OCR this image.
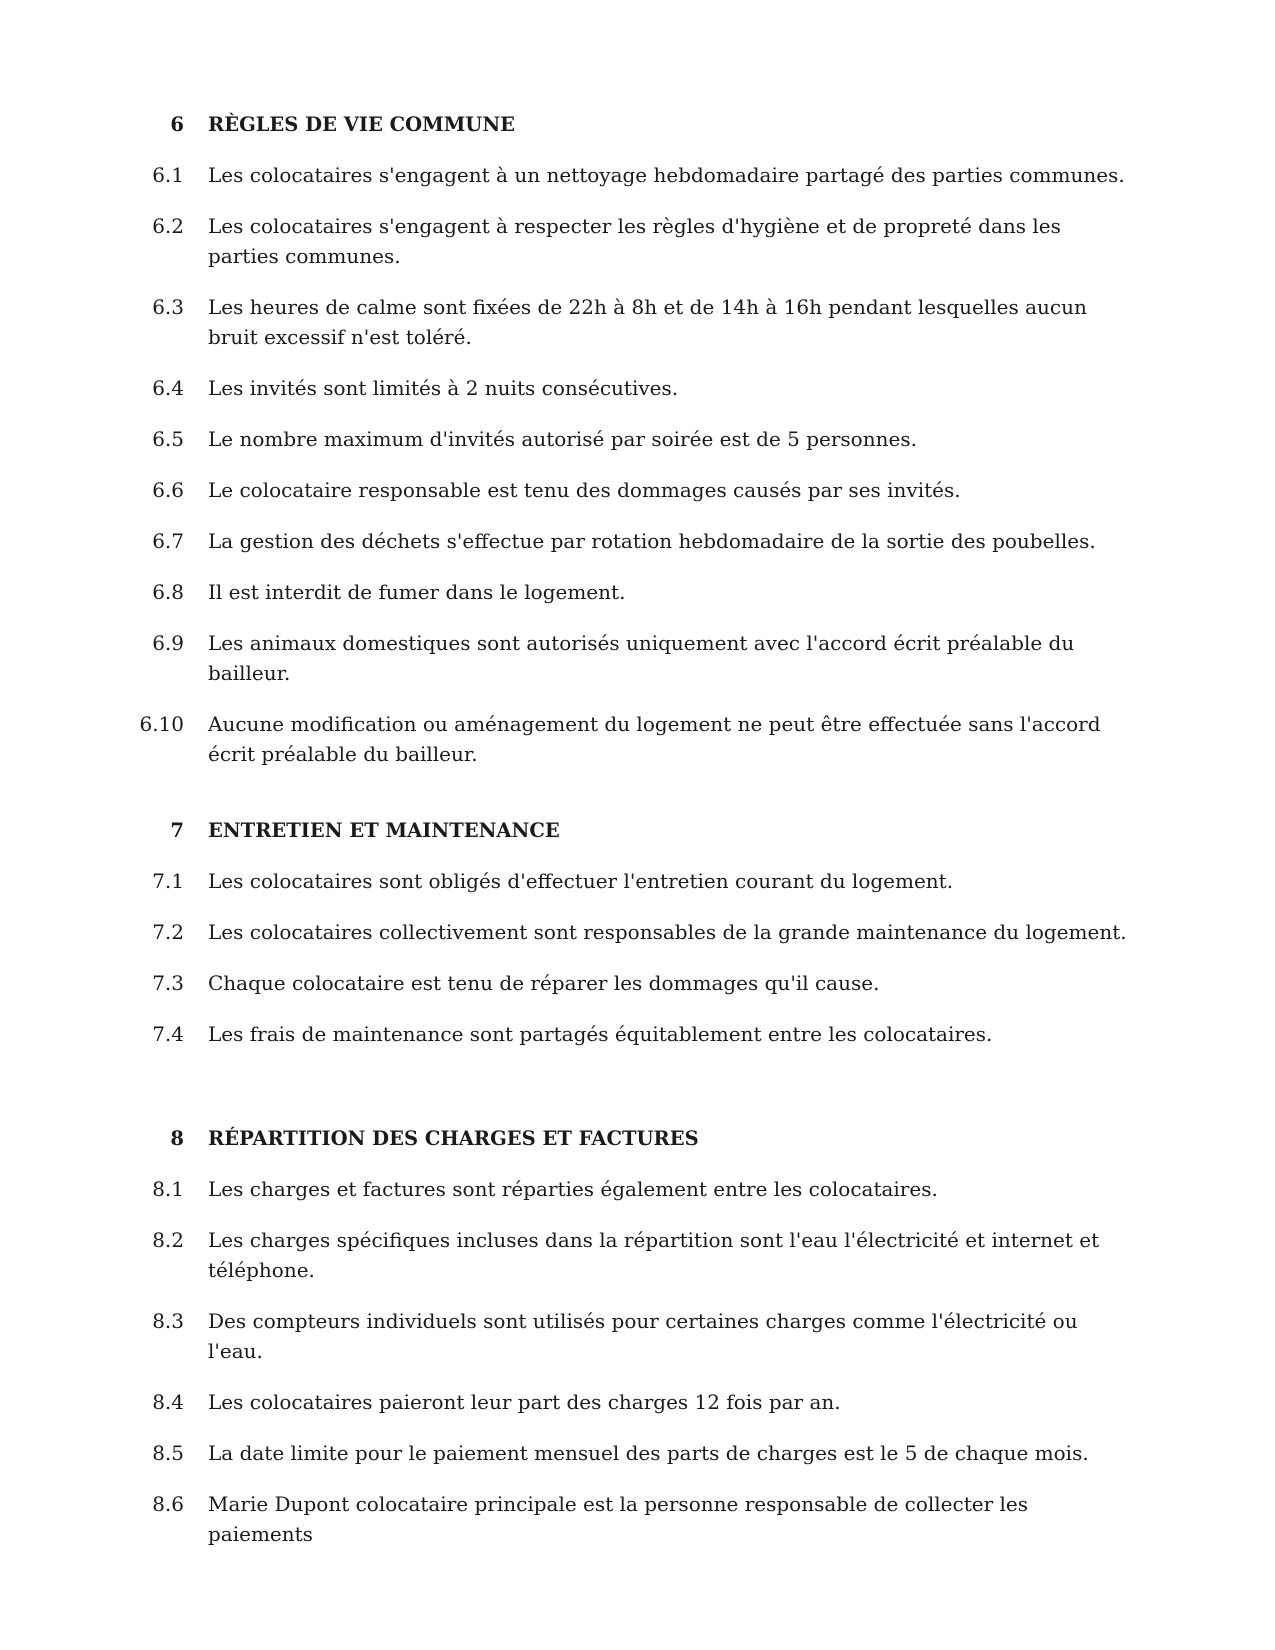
6 RÈGLES DE VIE COMMUNE
6.1 Les colocataires s'engagent à un nettoyage hebdomadaire partagé des parties communes.
6.2 Les colocataires s'engagent à respecter les règles d'hygiène et de propreté dans les parties communes.
6.3 Les heures de calme sont fixées de 22h à 8h et de 14h à 16h pendant lesquelles aucun bruit excessif n'est toléré.
6.4 Les invités sont limités à 2 nuits consécutives.
6.5 Le nombre maximum d'invités autorisé par soirée est de 5 personnes.
6.6 Le colocataire responsable est tenu des dommages causés par ses invités.
6.7 La gestion des déchets s'effectue par rotation hebdomadaire de la sortie des poubelles.
6.8 Il est interdit de fumer dans le logement.
6.9 Les animaux domestiques sont autorisés uniquement avec l'accord écrit préalable du bailleur.
6.10 Aucune modification ou aménagement du logement ne peut être effectuée sans l'accord écrit préalable du bailleur.
7 ENTRETIEN ET MAINTENANCE
7.1 Les colocataires sont obligés d'effectuer l'entretien courant du logement.
7.2 Les colocataires collectivement sont responsables de la grande maintenance du logement.
7.3 Chaque colocataire est tenu de réparer les dommages qu'il cause.
7.4 Les frais de maintenance sont partagés équitablement entre les colocataires.
8 RÉPARTITION DES CHARGES ET FACTURES
8.1 Les charges et factures sont réparties également entre les colocataires.
8.2 Les charges spécifiques incluses dans la répartition sont l'eau l'électricité et internet et téléphone.
8.3 Des compteurs individuels sont utilisés pour certaines charges comme l'électricité ou l'eau.
8.4 Les colocataires paieront leur part des charges 12 fois par an.
8.5 La date limite pour le paiement mensuel des parts de charges est le 5 de chaque mois.
8.6 Marie Dupont colocataire principale est la personne responsable de collecter les paiements
